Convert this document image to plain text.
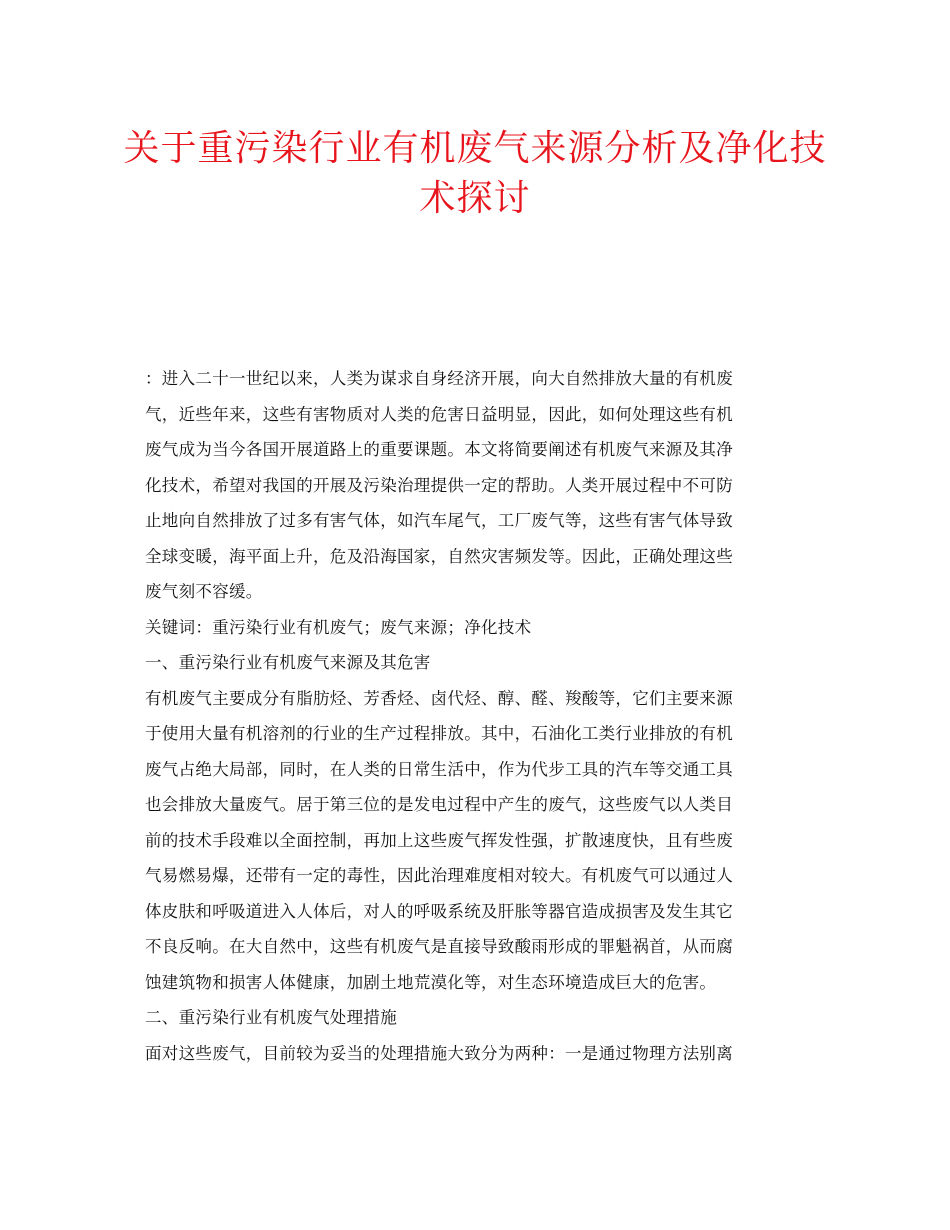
关于重污染行业有机废气来源分析及净化技
术探讨

：进入二十一世纪以来，人类为谋求自身经济开展，向大自然排放大量的有机废
气，近些年来，这些有害物质对人类的危害日益明显，因此，如何处理这些有机
废气成为当今各国开展道路上的重要课题。本文将简要阐述有机废气来源及其净
化技术，希望对我国的开展及污染治理提供一定的帮助。人类开展过程中不可防
止地向自然排放了过多有害气体，如汽车尾气，工厂废气等，这些有害气体导致
全球变暖，海平面上升，危及沿海国家，自然灾害频发等。因此，正确处理这些
废气刻不容缓。

关键词：重污染行业有机废气；废气来源；净化技术

一、重污染行业有机废气来源及其危害

有机废气主要成分有脂肪烃、芳香烃、卤代烃、醇、醛、羧酸等，它们主要来源
于使用大量有机溶剂的行业的生产过程排放。其中，石油化工类行业排放的有机
废气占绝大局部，同时，在人类的日常生活中，作为代步工具的汽车等交通工具
也会排放大量废气。居于第三位的是发电过程中产生的废气，这些废气以人类目
前的技术手段难以全面控制，再加上这些废气挥发性强，扩散速度快，且有些废
气易燃易爆，还带有一定的毒性，因此治理难度相对较大。有机废气可以通过人
体皮肤和呼吸道进入人体后，对人的呼吸系统及肝胀等器官造成损害及发生其它
不良反响。在大自然中，这些有机废气是直接导致酸雨形成的罪魁祸首，从而腐
蚀建筑物和损害人体健康，加剧土地荒漠化等，对生态环境造成巨大的危害。

二、重污染行业有机废气处理措施

面对这些废气，目前较为妥当的处理措施大致分为两种：一是通过物理方法别离
